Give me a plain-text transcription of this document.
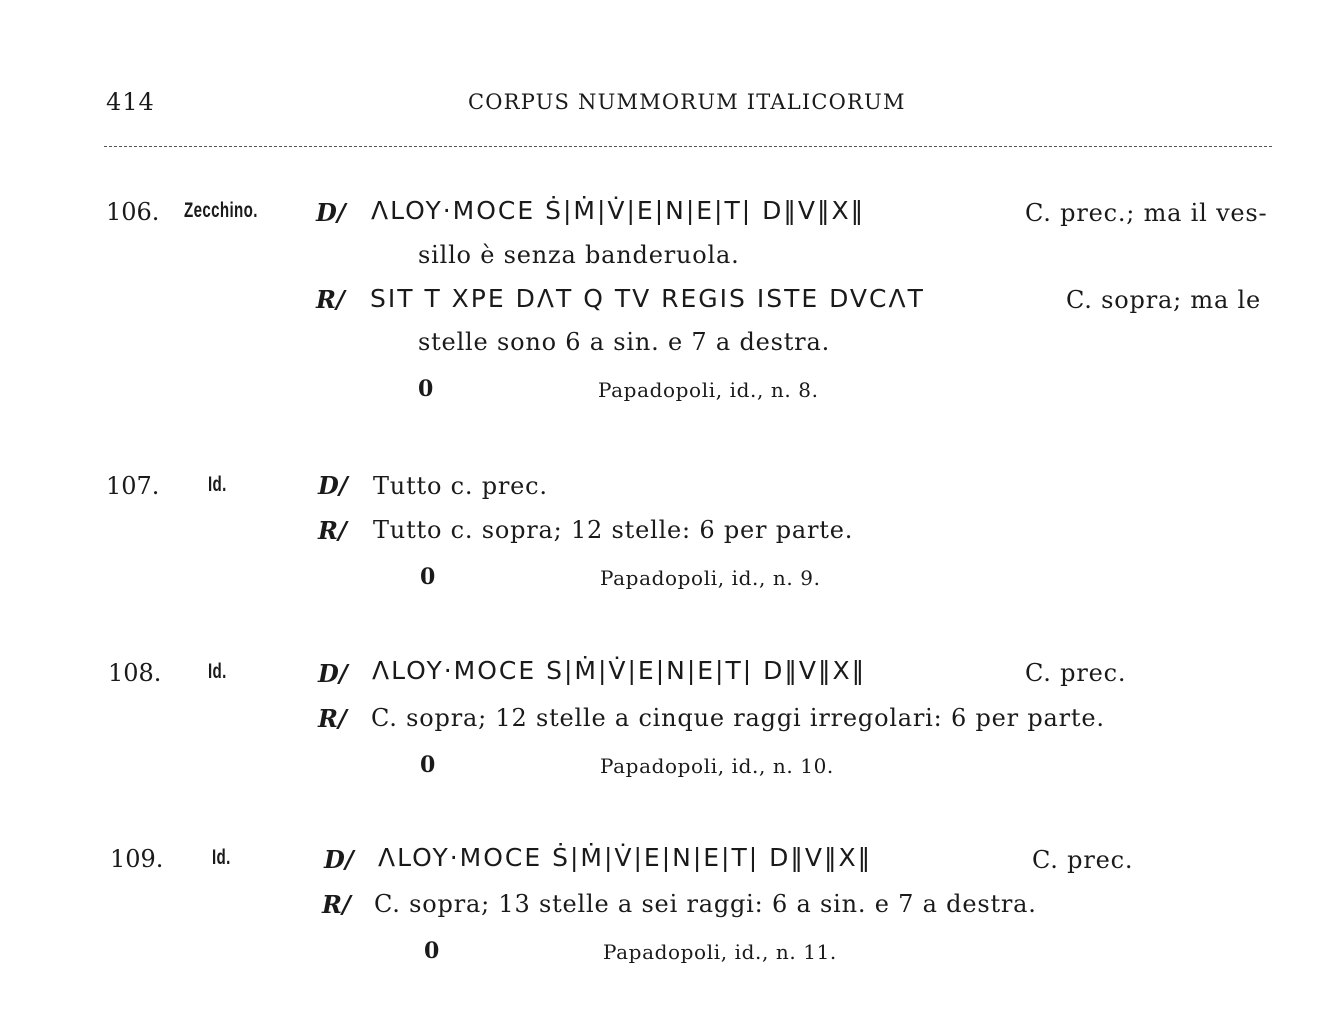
414	CORPUS NUMMORUM ITALICORUM
106. Zecchino. D/ ΛLOY·MOCE Ṡ|Ṁ|V̇|E|N|E|T| D‖V‖X‖	C. prec.; ma il ves-
sillo è senza banderuola.
R/ SIT T XPE DΛT Q TV REGIS ISTE DVCΛT	C. sopra; ma le
stelle sono 6 a sin. e 7 a destra.
0	Papadopoli, id., n. 8.
107. Id.	D/ Tutto c. prec.
R/ Tutto c. sopra; 12 stelle: 6 per parte.
0	Papadopoli, id., n. 9.
108. Id.	D/ ΛLOY·MOCE S|Ṁ|V̇|E|N|E|T| D‖V‖X‖	C. prec.
R/ C. sopra; 12 stelle a cinque raggi irregolari: 6 per parte.
0	Papadopoli, id., n. 10.
109. Id.	D/ ΛLOY·MOCE Ṡ|Ṁ|V̇|E|N|E|T| D‖V‖X‖	C. prec.
R/ C. sopra; 13 stelle a sei raggi: 6 a sin. e 7 a destra.
0	Papadopoli, id., n. 11.
